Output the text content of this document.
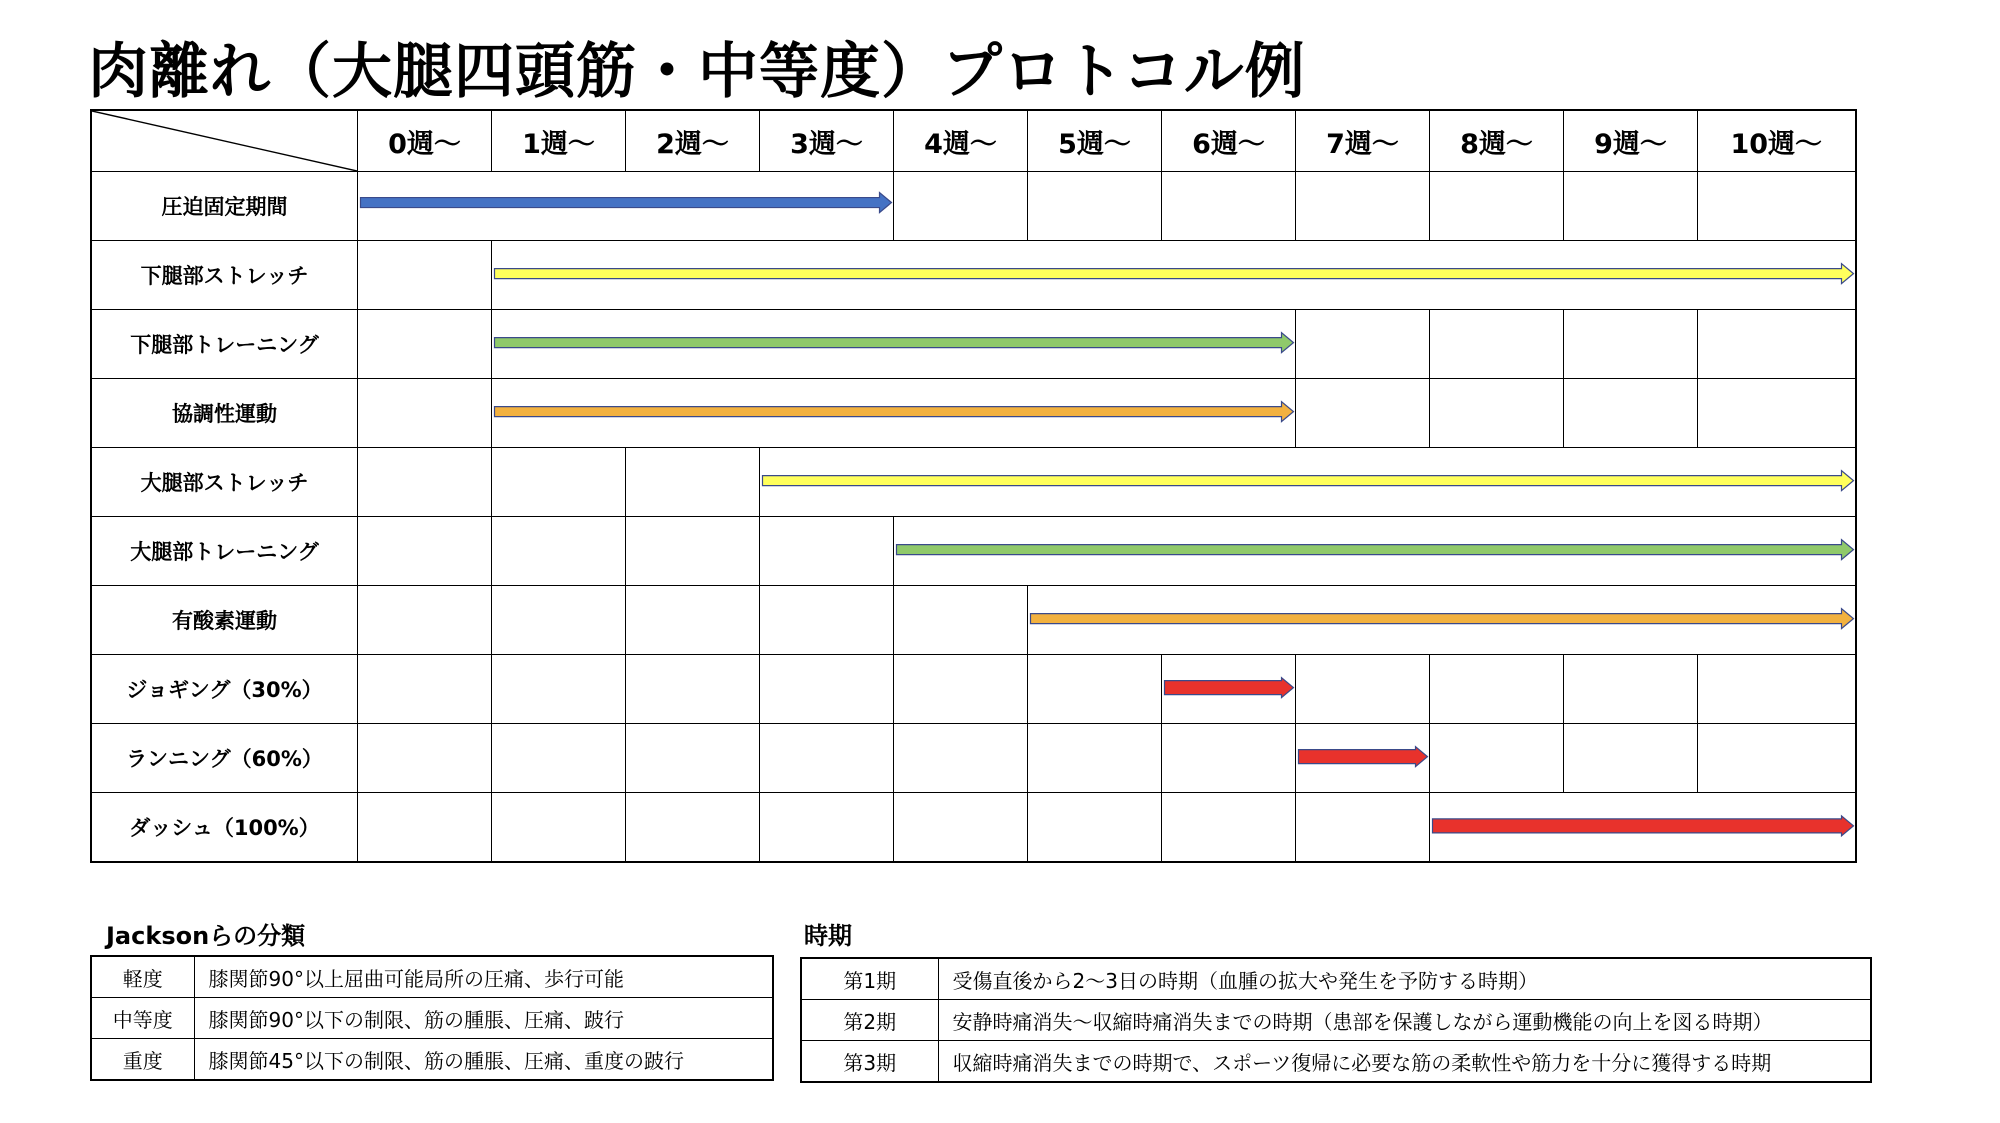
肉離れ（大腿四頭筋・中等度）プロトコル例
	0週〜	1週〜	2週〜	3週〜	4週〜	5週〜	6週〜	7週〜	8週〜	9週〜	10週〜
圧迫固定期間											
下腿部ストレッチ											
下腿部トレーニング											
協調性運動											
大腿部ストレッチ											
大腿部トレーニング											
有酸素運動											
ジョギング（30%）											
ランニング（60%）											
ダッシュ（100%）											
Jacksonらの分類
軽度	膝関節90°以上屈曲可能局所の圧痛、歩行可能
中等度	膝関節90°以下の制限、筋の腫脹、圧痛、跛行
重度	膝関節45°以下の制限、筋の腫脹、圧痛、重度の跛行
時期
第1期	受傷直後から2〜3日の時期（血腫の拡大や発生を予防する時期）
第2期	安静時痛消失〜収縮時痛消失までの時期（患部を保護しながら運動機能の向上を図る時期）
第3期	収縮時痛消失までの時期で、スポーツ復帰に必要な筋の柔軟性や筋力を十分に獲得する時期
